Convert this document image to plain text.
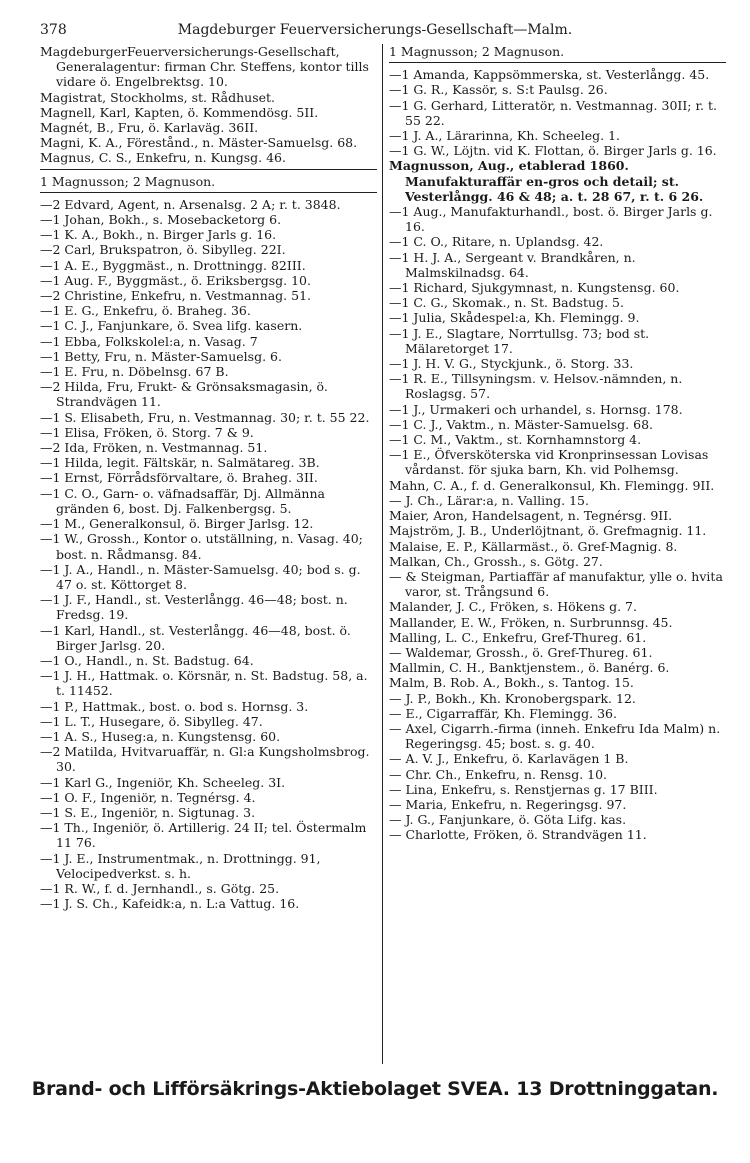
378	Magdeburger Feuerversicherungs-Gesellschaft—Malm.
MagdeburgerFeuerversicherungs-Gesellschaft, Generalagentur: firman Chr. Steffens, kontor tills vidare ö. Engelbrektsg. 10.
Magistrat, Stockholms, st. Rådhuset.
Magnell, Karl, Kapten, ö. Kommendösg. 5II.
Magnét, B., Fru, ö. Karlaväg. 36II.
Magni, K. A., Förestånd., n. Mäster-Samuelsg. 68.
Magnus, C. S., Enkefru, n. Kungsg. 46.
1 Magnusson; 2 Magnuson.
—2 Edvard, Agent, n. Arsenalsg. 2 A; r. t. 3848.
—1 Johan, Bokh., s. Mosebacketorg 6.
—1 K. A., Bokh., n. Birger Jarls g. 16.
—2 Carl, Brukspatron, ö. Sibylleg. 22I.
—1 A. E., Byggmäst., n. Drottningg. 82III.
—1 Aug. F., Byggmäst., ö. Eriksbergsg. 10.
—2 Christine, Enkefru, n. Vestmannag. 51.
—1 E. G., Enkefru, ö. Braheg. 36.
—1 C. J., Fanjunkare, ö. Svea lifg. kasern.
—1 Ebba, Folkskolel:a, n. Vasag. 7
—1 Betty, Fru, n. Mäster-Samuelsg. 6.
—1 E. Fru, n. Döbelnsg. 67 B.
—2 Hilda, Fru, Frukt- & Grönsaksmagasin, ö. Strandvägen 11.
—1 S. Elisabeth, Fru, n. Vestmannag. 30; r. t. 55 22.
—1 Elisa, Fröken, ö. Storg. 7 & 9.
—2 Ida, Fröken, n. Vestmannag. 51.
—1 Hilda, legit. Fältskär, n. Salmätareg. 3B.
—1 Ernst, Förrådsförvaltare, ö. Braheg. 3II.
—1 C. O., Garn- o. väfnadsaffär, Dj. Allmänna gränden 6, bost. Dj. Falkenbergsg. 5.
—1 M., Generalkonsul, ö. Birger Jarlsg. 12.
—1 W., Grossh., Kontor o. utställning, n. Vasag. 40; bost. n. Rådmansg. 84.
—1 J. A., Handl., n. Mäster-Samuelsg. 40; bod s. g. 47 o. st. Köttorget 8.
—1 J. F., Handl., st. Vesterlångg. 46—48; bost. n. Fredsg. 19.
—1 Karl, Handl., st. Vesterlångg. 46—48, bost. ö. Birger Jarlsg. 20.
—1 O., Handl., n. St. Badstug. 64.
—1 J. H., Hattmak. o. Körsnär, n. St. Badstug. 58, a. t. 11452.
—1 P., Hattmak., bost. o. bod s. Hornsg. 3.
—1 L. T., Husegare, ö. Sibylleg. 47.
—1 A. S., Huseg:a, n. Kungstensg. 60.
—2 Matilda, Hvitvaruaffär, n. Gl:a Kungsholmsbrog. 30.
—1 Karl G., Ingeniör, Kh. Scheeleg. 3I.
—1 O. F., Ingeniör, n. Tegnérsg. 4.
—1 S. E., Ingeniör, n. Sigtunag. 3.
—1 Th., Ingeniör, ö. Artillerig. 24 II; tel. Östermalm 11 76.
—1 J. E., Instrumentmak., n. Drottningg. 91, Velocipedverkst. s. h.
—1 R. W., f. d. Jernhandl., s. Götg. 25.
—1 J. S. Ch., Kafeidk:a, n. L:a Vattug. 16.
1 Magnusson; 2 Magnuson.
—1 Amanda, Kappsömmerska, st. Vesterlångg. 45.
—1 G. R., Kassör, s. S:t Paulsg. 26.
—1 G. Gerhard, Litteratör, n. Vestmannag. 30II; r. t. 55 22.
—1 J. A., Lärarinna, Kh. Scheeleg. 1.
—1 G. W., Löjtn. vid K. Flottan, ö. Birger Jarls g. 16.
Magnusson, Aug., etablerad 1860. Manufakturaffär en-gros och detail; st. Vesterlångg. 46 & 48; a. t. 28 67, r. t. 6 26.
—1 Aug., Manufakturhandl., bost. ö. Birger Jarls g. 16.
—1 C. O., Ritare, n. Uplandsg. 42.
—1 H. J. A., Sergeant v. Brandkåren, n. Malmskilnadsg. 64.
—1 Richard, Sjukgymnast, n. Kungstensg. 60.
—1 C. G., Skomak., n. St. Badstug. 5.
—1 Julia, Skådespel:a, Kh. Flemingg. 9.
—1 J. E., Slagtare, Norrtullsg. 73; bod st. Mälaretorget 17.
—1 J. H. V. G., Styckjunk., ö. Storg. 33.
—1 R. E., Tillsyningsm. v. Helsov.-nämnden, n. Roslagsg. 57.
—1 J., Urmakeri och urhandel, s. Hornsg. 178.
—1 C. J., Vaktm., n. Mäster-Samuelsg. 68.
—1 C. M., Vaktm., st. Kornhamnstorg 4.
—1 E., Öfversköterska vid Kronprinsessan Lovisas vårdanst. för sjuka barn, Kh. vid Polhemsg.
Mahn, C. A., f. d. Generalkonsul, Kh. Flemingg. 9II.
— J. Ch., Lärar:a, n. Valling. 15.
Maier, Aron, Handelsagent, n. Tegnérsg. 9II.
Majström, J. B., Underlöjtnant, ö. Grefmagnig. 11.
Malaise, E. P., Källarmäst., ö. Gref-Magnig. 8.
Malkan, Ch., Grossh., s. Götg. 27.
— & Steigman, Partiaffär af manufaktur, ylle o. hvita varor, st. Trångsund 6.
Malander, J. C., Fröken, s. Hökens g. 7.
Mallander, E. W., Fröken, n. Surbrunnsg. 45.
Malling, L. C., Enkefru, Gref-Thureg. 61.
— Waldemar, Grossh., ö. Gref-Thureg. 61.
Mallmin, C. H., Banktjenstem., ö. Banérg. 6.
Malm, B. Rob. A., Bokh., s. Tantog. 15.
— J. P., Bokh., Kh. Kronobergspark. 12.
— E., Cigarraffär, Kh. Flemingg. 36.
— Axel, Cigarrh.-firma (inneh. Enkefru Ida Malm) n. Regeringsg. 45; bost. s. g. 40.
— A. V. J., Enkefru, ö. Karlavägen 1 B.
— Chr. Ch., Enkefru, n. Rensg. 10.
— Lina, Enkefru, s. Renstjernas g. 17 BIII.
— Maria, Enkefru, n. Regeringsg. 97.
— J. G., Fanjunkare, ö. Göta Lifg. kas.
— Charlotte, Fröken, ö. Strandvägen 11.
Brand- och Lifförsäkrings-Aktiebolaget SVEA. 13 Drottninggatan.
